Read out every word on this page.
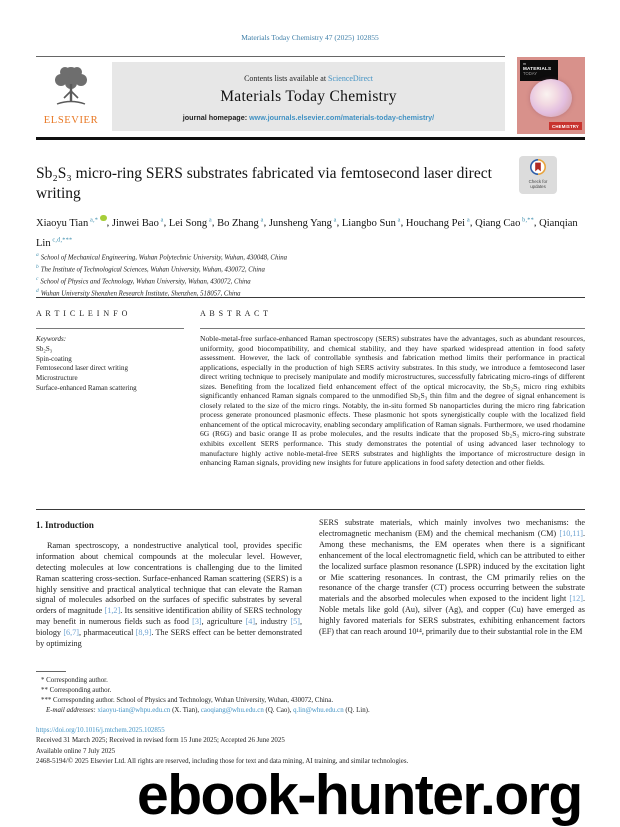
Materials Today Chemistry 47 (2025) 102855
ELSEVIER
Contents lists available at ScienceDirect
Materials Today Chemistry
journal homepage: www.journals.elsevier.com/materials-today-chemistry/
m
MATERIALS
TODAY
CHEMISTRY
Sb₂S₃ micro-ring SERS substrates fabricated via femtosecond laser direct writing
Check for
updates
Xiaoyu Tian $^{a,*}$ , Jinwei Bao $^a$, Lei Song $^a$, Bo Zhang $^a$, Junsheng Yang $^a$, Liangbo Sun $^a$, Houchang Pei $^a$, Qiang Cao $^{b,**}$, Qianqian Lin $^{c,d,***}$
$^a$ School of Mechanical Engineering, Wuhan Polytechnic University, Wuhan, 430048, China
$^b$ The Institute of Technological Sciences, Wuhan University, Wuhan, 430072, China
$^c$ School of Physics and Technology, Wuhan University, Wuhan, 430072, China
$^d$ Wuhan University Shenzhen Research Institute, Shenzhen, 518057, China
A R T I C L E I N F O	A B S T R A C T
Keywords:
Sb₂S₃
Spin-coating
Femtosecond laser direct writing
Microstructure
Surface-enhanced Raman scattering
Noble-metal-free surface-enhanced Raman spectroscopy (SERS) substrates have the advantages, such as abundant resources, uniformity, good biocompatibility, and chemical stability, and they have sparked widespread attention in food safety assessment. However, the lack of controllable synthesis and fabrication method limits their performance in practical applications, especially in the production of high SERS activity substrates. In this study, we introduce a femtosecond laser direct writing technique to precisely manipulate and modify microstructures, successfully fabricating micro-rings of different sizes. Benefiting from the localized field enhancement effect of the optical microcavity, the Sb₂S₃ micro ring exhibits significantly enhanced Raman signals compared to the unmodified Sb₂S₃ thin film and the degree of signal enhancement is closely related to the size of the micro rings. Notably, the in-situ formed Sb nanoparticles during the micro ring fabrication process generate pronounced plasmonic effects. These plasmonic hot spots synergistically couple with the localized field enhancement of the optical microcavity, enabling secondary amplification of Raman signals. Furthermore, we used rhodamine 6G (R6G) and basic orange II as probe molecules, and the results indicate that the proposed Sb₂S₃ micro-ring substrate exhibits excellent SERS performance. This study demonstrates the potential of using advanced laser technology to manufacture highly active noble-metal-free SERS substrates and highlights the importance of microstructure design in enhancing Raman signals, providing new insights for future applications in food safety detection and other fields.
1. Introduction

Raman spectroscopy, a nondestructive analytical tool, provides specific information about chemical compounds at the molecular level. However, detecting molecules at low concentrations is challenging due to the limited Raman scattering cross-section. Surface-enhanced Raman scattering (SERS) is a highly sensitive and practical analytical technique that can elevate the Raman signal of molecules adsorbed on the surfaces of specific substrates by several orders of magnitude [1,2]. Its sensitive identification ability of SERS technology may benefit in numerous fields such as food [3], agriculture [4], industry [5], biology [6,7], pharmaceutical [8,9]. The SERS effect can be better demonstrated by optimizing

SERS substrate materials, which mainly involves two mechanisms: the electromagnetic mechanism (EM) and the chemical mechanism (CM) [10,11]. Among these mechanisms, the EM operates when there is a significant enhancement of the local electromagnetic field, which can be attributed to either the localized surface plasmon resonance (LSPR) induced by the excitation light or Mie scattering resonances. In contrast, the CM primarily relies on the resonance of the charge transfer (CT) process occurring between the substrate materials and the absorbed molecules when exposed to the incident light [12]. Noble metals like gold (Au), silver (Ag), and copper (Cu) have emerged as highly favored materials for SERS substrates, exhibiting enhancement factors (EF) that can reach around 10¹⁴, primarily due to their substantial role in the EM

* Corresponding author.
** Corresponding author.
*** Corresponding author. School of Physics and Technology, Wuhan University, Wuhan, 430072, China.
E-mail addresses: xiaoyu-tian@whpu.edu.cn (X. Tian), caoqiang@whu.edu.cn (Q. Cao), q.lin@whu.edu.cn (Q. Lin).
https://doi.org/10.1016/j.mtchem.2025.102855
Received 31 March 2025; Received in revised form 15 June 2025; Accepted 26 June 2025
Available online 7 July 2025
2468-5194/© 2025 Elsevier Ltd. All rights are reserved, including those for text and data mining, AI training, and similar technologies.
ebook-hunter.org
